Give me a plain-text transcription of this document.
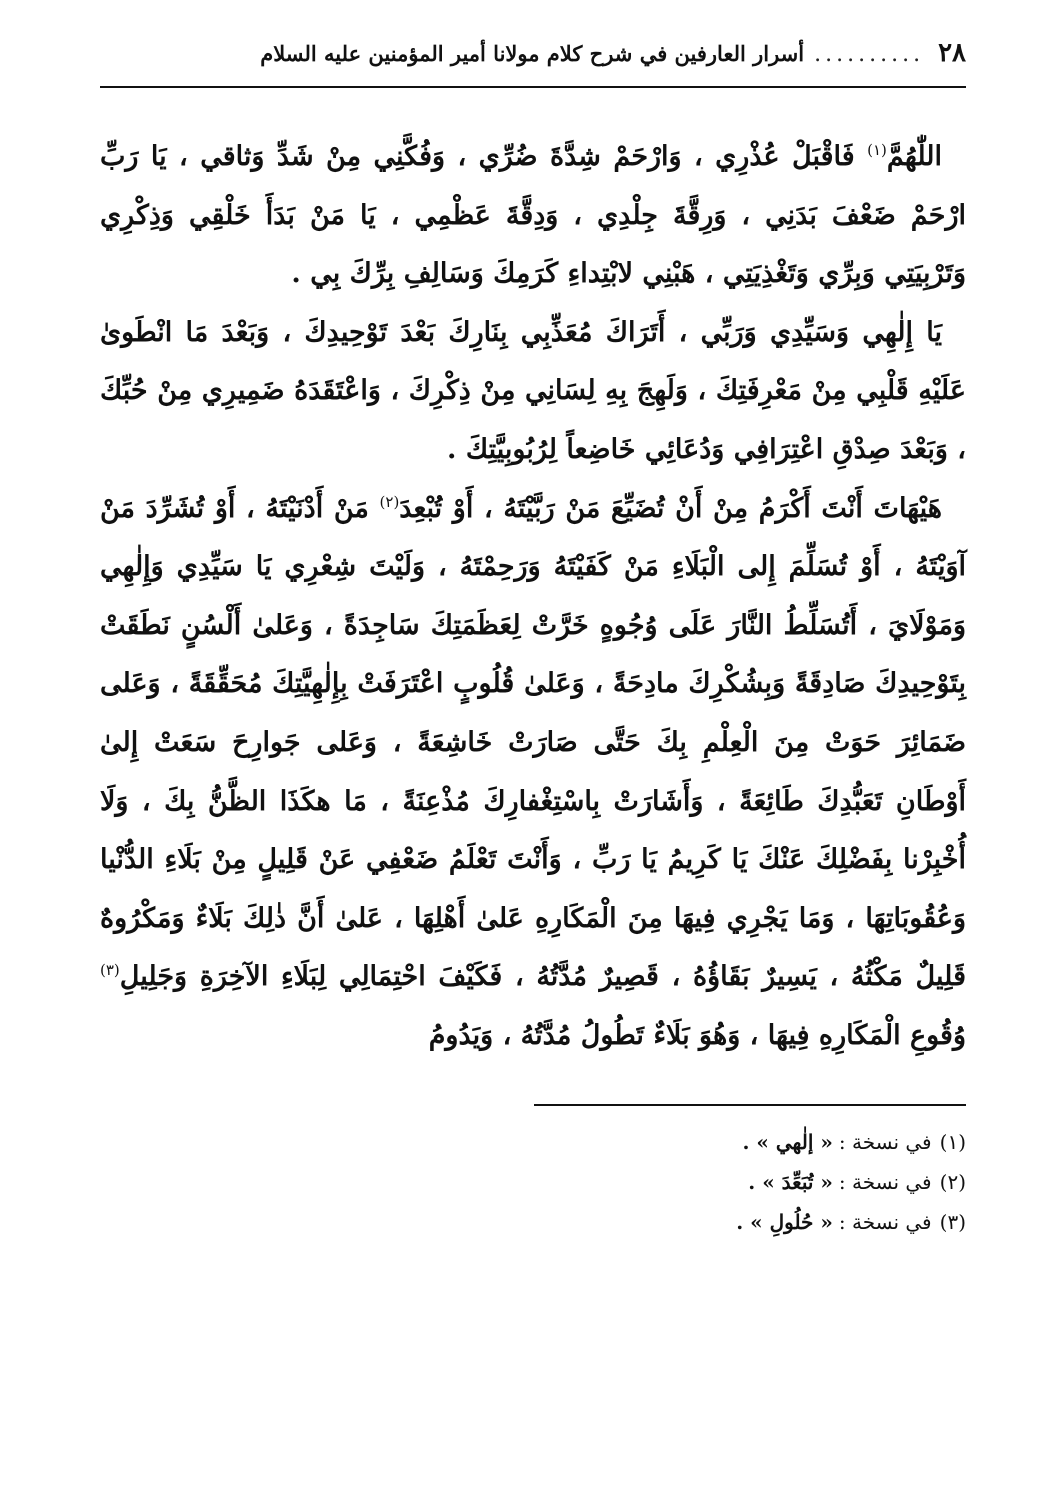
٢٨
..........
أسرار العارفين في شرح كلام مولانا أمير المؤمنين عليه السلام

اللّٰهُمَّ$^{(١)}$ فَاقْبَلْ عُذْرِي ، وَارْحَمْ شِدَّةَ ضُرِّي ، وَفُكَّنِي مِنْ شَدِّ وَثاقي ، يَا رَبِّ ارْحَمْ ضَعْفَ بَدَنِي ، وَرِقَّةَ جِلْدِي ، وَدِقَّةَ عَظْمِي ، يَا مَنْ بَدَأَ خَلْقِي وَذِكْرِي وَتَرْبِيَتِي وَبِرِّي وَتَغْذِيَتِي ، هَبْنِي لابْتِداءِ كَرَمِكَ وَسَالِفِ بِرِّكَ بِي .

يَا إِلٰهِي وَسَيِّدِي وَرَبِّي ، أَتَرَاكَ مُعَذِّبِي بِنَارِكَ بَعْدَ تَوْحِيدِكَ ، وَبَعْدَ مَا انْطَوىٰ عَلَيْهِ قَلْبِي مِنْ مَعْرِفَتِكَ ، وَلَهِجَ بِهِ لِسَانِي مِنْ ذِكْرِكَ ، وَاعْتَقَدَهُ ضَمِيرِي مِنْ حُبِّكَ ، وَبَعْدَ صِدْقِ اعْتِرَافِي وَدُعَائِي خَاضِعاً لِرُبُوبِيَّتِكَ .

هَيْهَاتَ أَنْتَ أَكْرَمُ مِنْ أَنْ تُضَيِّعَ مَنْ رَبَّيْتَهُ ، أَوْ تُبْعِدَ$^{(٢)}$ مَنْ أَدْنَيْتَهُ ، أَوْ تُشَرِّدَ مَنْ آوَيْتَهُ ، أَوْ تُسَلِّمَ إِلى الْبَلَاءِ مَنْ كَفَيْتَهُ وَرَحِمْتَهُ ، وَلَيْتَ شِعْرِي يَا سَيِّدِي وَإِلٰهِي وَمَوْلَايَ ، أَتُسَلِّطُ النَّارَ عَلَى وُجُوهٍ خَرَّتْ لِعَظَمَتِكَ سَاجِدَةً ، وَعَلىٰ أَلْسُنٍ نَطَقَتْ بِتَوْحِيدِكَ صَادِقَةً وَبِشُكْرِكَ مادِحَةً ، وَعَلىٰ قُلُوبٍ اعْتَرَفَتْ بِإِلٰهِيَّتِكَ مُحَقِّقَةً ، وَعَلى ضَمَائِرَ حَوَتْ مِنَ الْعِلْمِ بِكَ حَتَّى صَارَتْ خَاشِعَةً ، وَعَلى جَوارِحَ سَعَتْ إِلىٰ أَوْطَانِ تَعَبُّدِكَ طَائِعَةً ، وَأَشَارَتْ بِاسْتِغْفارِكَ مُذْعِنَةً ، مَا هكَذَا الظَّنُّ بِكَ ، وَلَا أُخْبِرْنا بِفَضْلِكَ عَنْكَ يَا كَرِيمُ يَا رَبِّ ، وَأَنْتَ تَعْلَمُ ضَعْفِي عَنْ قَلِيلٍ مِنْ بَلَاءِ الدُّنْيا وَعُقُوبَاتِهَا ، وَمَا يَجْرِي فِيهَا مِنَ الْمَكَارِهِ عَلىٰ أَهْلِهَا ، عَلىٰ أَنَّ ذٰلِكَ بَلَاءٌ وَمَكْرُوهٌ قَلِيلٌ مَكْثُهُ ، يَسِيرٌ بَقَاؤُهُ ، قَصِيرٌ مُدَّتُهُ ، فَكَيْفَ احْتِمَالِي لِبَلَاءِ الآخِرَةِ وَجَلِيلِ$^{(٣)}$ وُقُوعِ الْمَكَارِهِ فِيهَا ، وَهُوَ بَلَاءٌ تَطُولُ مُدَّتُهُ ، وَيَدُومُ

(١)في نسخة :« إلٰهي » .
(٢)في نسخة :« تُبَعِّدَ » .
(٣)في نسخة :« حُلُولِ » .
